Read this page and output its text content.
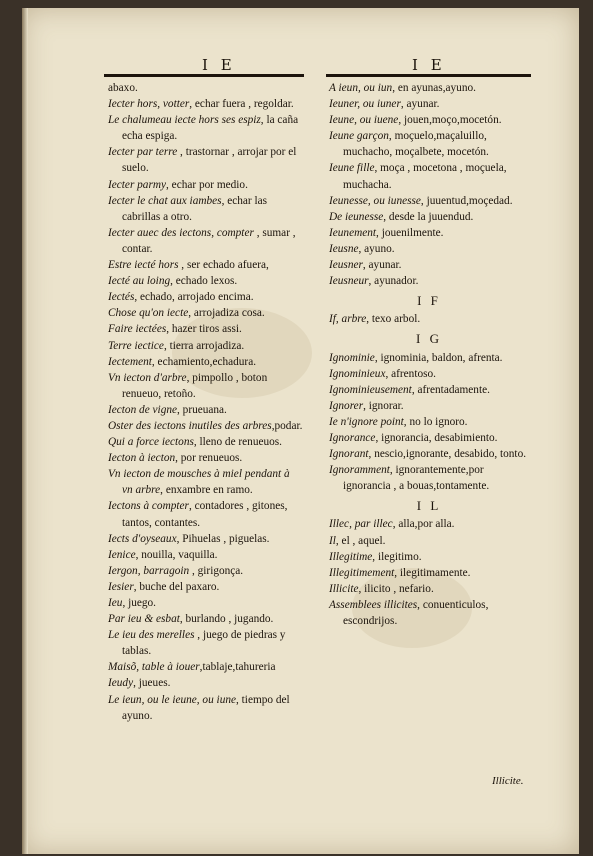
I E	I E

abaxo.

Iecter hors, votter, echar fuera , regoldar.

Le chalumeau iecte hors ses espiz, la caña echa espiga.

Iecter par terre , trastornar , arrojar por el suelo.

Iecter parmy, echar por medio.

Iecter le chat aux iambes, echar las cabrillas a otro.

Iecter auec des iectons, compter , sumar , contar.

Estre iecté hors , ser echado afuera,

Iecté au loing, echado lexos.

Iectés, echado, arrojado encima.

Chose qu'on iecte, arrojadiza cosa.

Faire iectées, hazer tiros assi.

Terre iectice, tierra arrojadiza.

Iectement, echamiento,echadura.

Vn iecton d'arbre, pimpollo , boton renueuo, retoño.

Iecton de vigne, prueuana.

Oster des iectons inutiles des arbres,podar.

Qui a force iectons, lleno de renueuos.

Iecton à iecton, por renueuos.

Vn iecton de mousches à miel pendant à vn arbre, enxambre en ramo.

Iectons à compter, contadores , gitones, tantos, contantes.

Iects d'oyseaux, Pihuelas , piguelas.

Ienice, nouilla, vaquilla.

Iergon, barragoin , girigonça.

Iesier, buche del paxaro.

Ieu, juego.

Par ieu & esbat, burlando , jugando.

Le ieu des merelles , juego de piedras y tablas.

Maisõ, table à iouer,tablaje,tahureria

Ieudy, jueues.

Le ieun, ou le ieune, ou iune, tiempo del ayuno.

A ieun, ou iun, en ayunas,ayuno.

Ieuner, ou iuner, ayunar.

Ieune, ou iuene, jouen,moço,mocetón.

Ieune garçon, moçuelo,maçaluillo, muchacho, moçalbete, mocetón.

Ieune fille, moça , mocetona , moçuela, muchacha.

Ieunesse, ou iunesse, juuentud,moçedad.

De ieunesse, desde la juuendud.

Ieunement, jouenilmente.

Ieusne, ayuno.

Ieusner, ayunar.

Ieusneur, ayunador.

I F

If, arbre, texo arbol.

I G

Ignominie, ignominia, baldon, afrenta.

Ignominieux, afrentoso.

Ignominieusement, afrentadamente.

Ignorer, ignorar.

Ie n'ignore point, no lo ignoro.

Ignorance, ignorancia, desabimiento.

Ignorant, nescio,ignorante, desabido, tonto.

Ignoramment, ignorantemente,por ignorancia , a bouas,tontamente.

I L

Illec, par illec, alla,por alla.

Il, el , aquel.

Illegitime, ilegitimo.

Illegitimement, ilegitimamente.

Illicite, ilicito , nefario.

Assemblees illicites, conuenticulos, escondrijos.

Illicite.
